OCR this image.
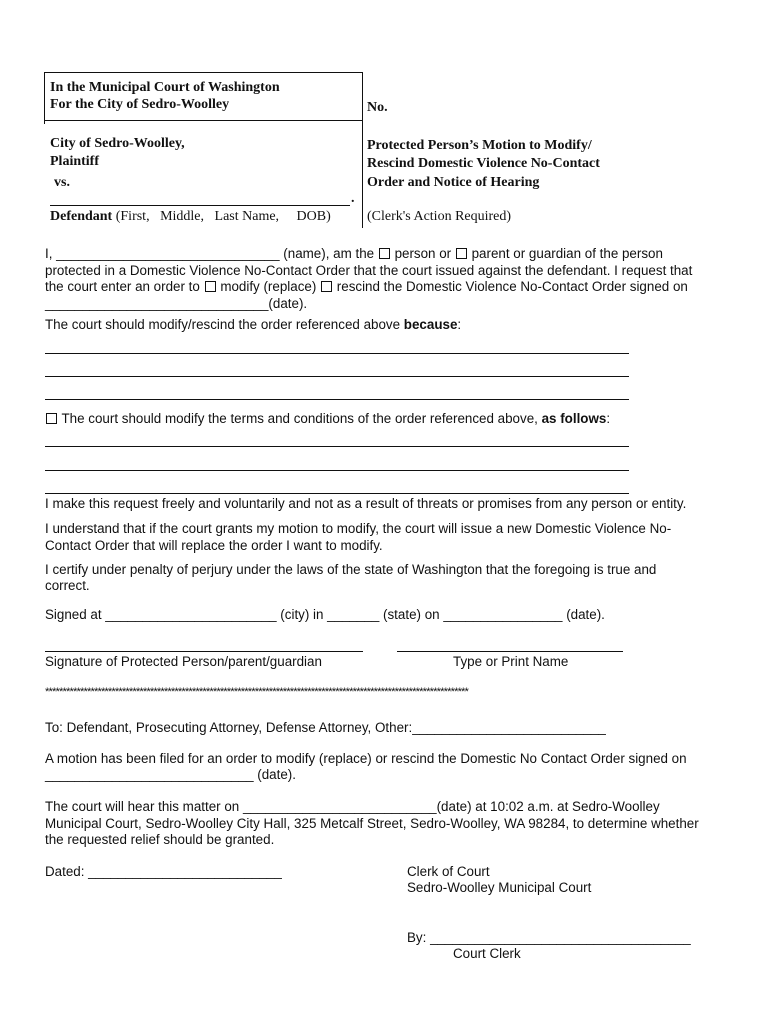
In the Municipal Court of Washington
For the City of Sedro-Woolley	No.
City of Sedro-Woolley,
Plaintiff
vs.
.
Defendant (First,   Middle,   Last Name,     DOB)
Protected Person’s Motion to Modify/
Rescind Domestic Violence No-Contact
Order and Notice of Hearing
(Clerk's Action Required)
I, ______________________________ (name), am the person or parent or guardian of the person
protected in a Domestic Violence No-Contact Order that the court issued against the defendant. I request that
the court enter an order to modify (replace) rescind the Domestic Violence No-Contact Order signed on
______________________________(date).
The court should modify/rescind the order referenced above because:
The court should modify the terms and conditions of the order referenced above, as follows:
I make this request freely and voluntarily and not as a result of threats or promises from any person or entity.
I understand that if the court grants my motion to modify, the court will issue a new Domestic Violence No-
Contact Order that will replace the order I want to modify.
I certify under penalty of perjury under the laws of the state of Washington that the foregoing is true and
correct.
Signed at _______________________ (city) in _______ (state) on ________________ (date).
Signature of Protected Person/parent/guardian	Type or Print Name
*************************************************************************************************************************
To: Defendant, Prosecuting Attorney, Defense Attorney, Other:__________________________
A motion has been filed for an order to modify (replace) or rescind the Domestic No Contact Order signed on
____________________________ (date).
The court will hear this matter on __________________________(date) at 10:02 a.m. at Sedro-Woolley
Municipal Court, Sedro-Woolley City Hall, 325 Metcalf Street, Sedro-Woolley, WA 98284, to determine whether
the requested relief should be granted.
Dated: __________________________	Clerk of Court
Sedro-Woolley Municipal Court
By: ___________________________________
Court Clerk
